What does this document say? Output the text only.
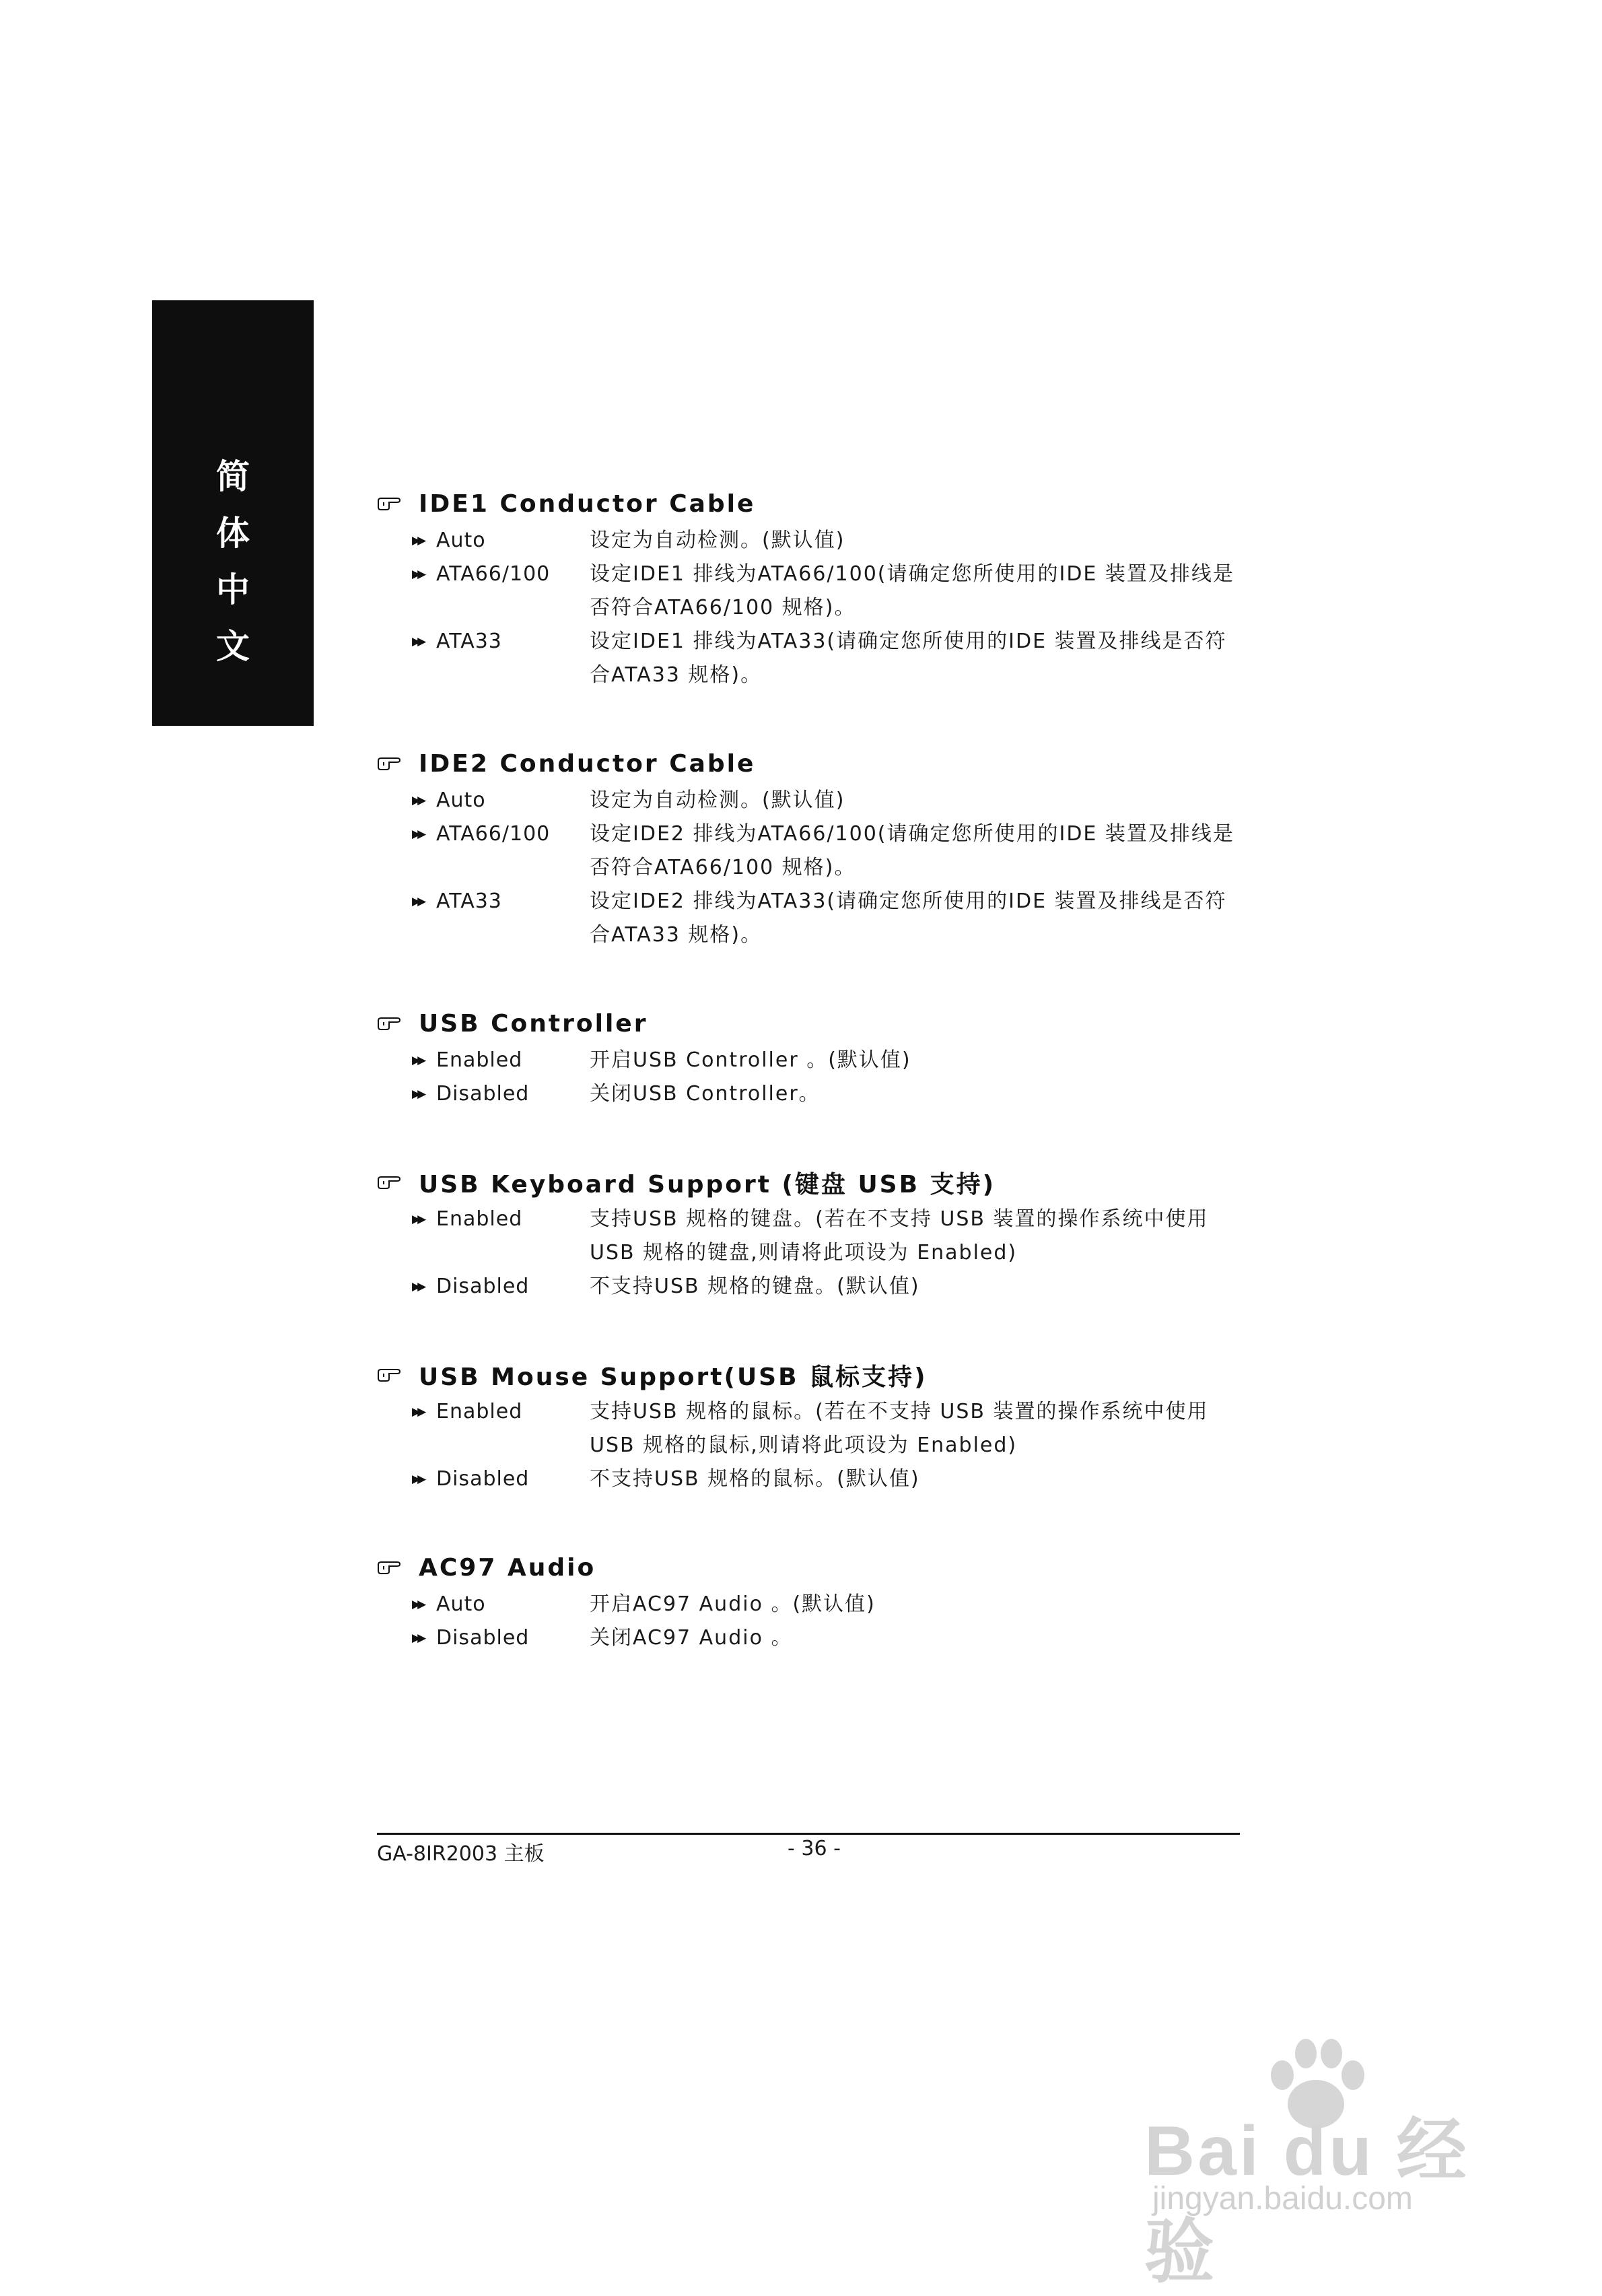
简
体
中
文
IDE1 Conductor Cable
▶▶ Auto	设定为自动检测。(默认值)
▶▶ ATA66/100	设定IDE1 排线为ATA66/100(请确定您所使用的IDE 装置及排线是
否符合ATA66/100 规格)。
▶▶ ATA33	设定IDE1 排线为ATA33(请确定您所使用的IDE 装置及排线是否符
合ATA33 规格)。
IDE2 Conductor Cable
▶▶ Auto	设定为自动检测。(默认值)
▶▶ ATA66/100	设定IDE2 排线为ATA66/100(请确定您所使用的IDE 装置及排线是
否符合ATA66/100 规格)。
▶▶ ATA33	设定IDE2 排线为ATA33(请确定您所使用的IDE 装置及排线是否符
合ATA33 规格)。
USB Controller
▶▶ Enabled	开启USB Controller 。(默认值)
▶▶ Disabled	关闭USB Controller。
USB Keyboard Support (键盘 USB 支持)
▶▶ Enabled	支持USB 规格的键盘。(若在不支持 USB 装置的操作系统中使用
USB 规格的键盘,则请将此项设为 Enabled)
▶▶ Disabled	不支持USB 规格的键盘。(默认值)
USB Mouse Support(USB 鼠标支持)
▶▶ Enabled	支持USB 规格的鼠标。(若在不支持 USB 装置的操作系统中使用
USB 规格的鼠标,则请将此项设为 Enabled)
▶▶ Disabled	不支持USB 规格的鼠标。(默认值)
AC97 Audio
▶▶ Auto	开启AC97 Audio 。(默认值)
▶▶ Disabled	关闭AC97 Audio 。
GA-8IR2003 主板	- 36 -
Bai du 经验
jingyan.baidu.com
